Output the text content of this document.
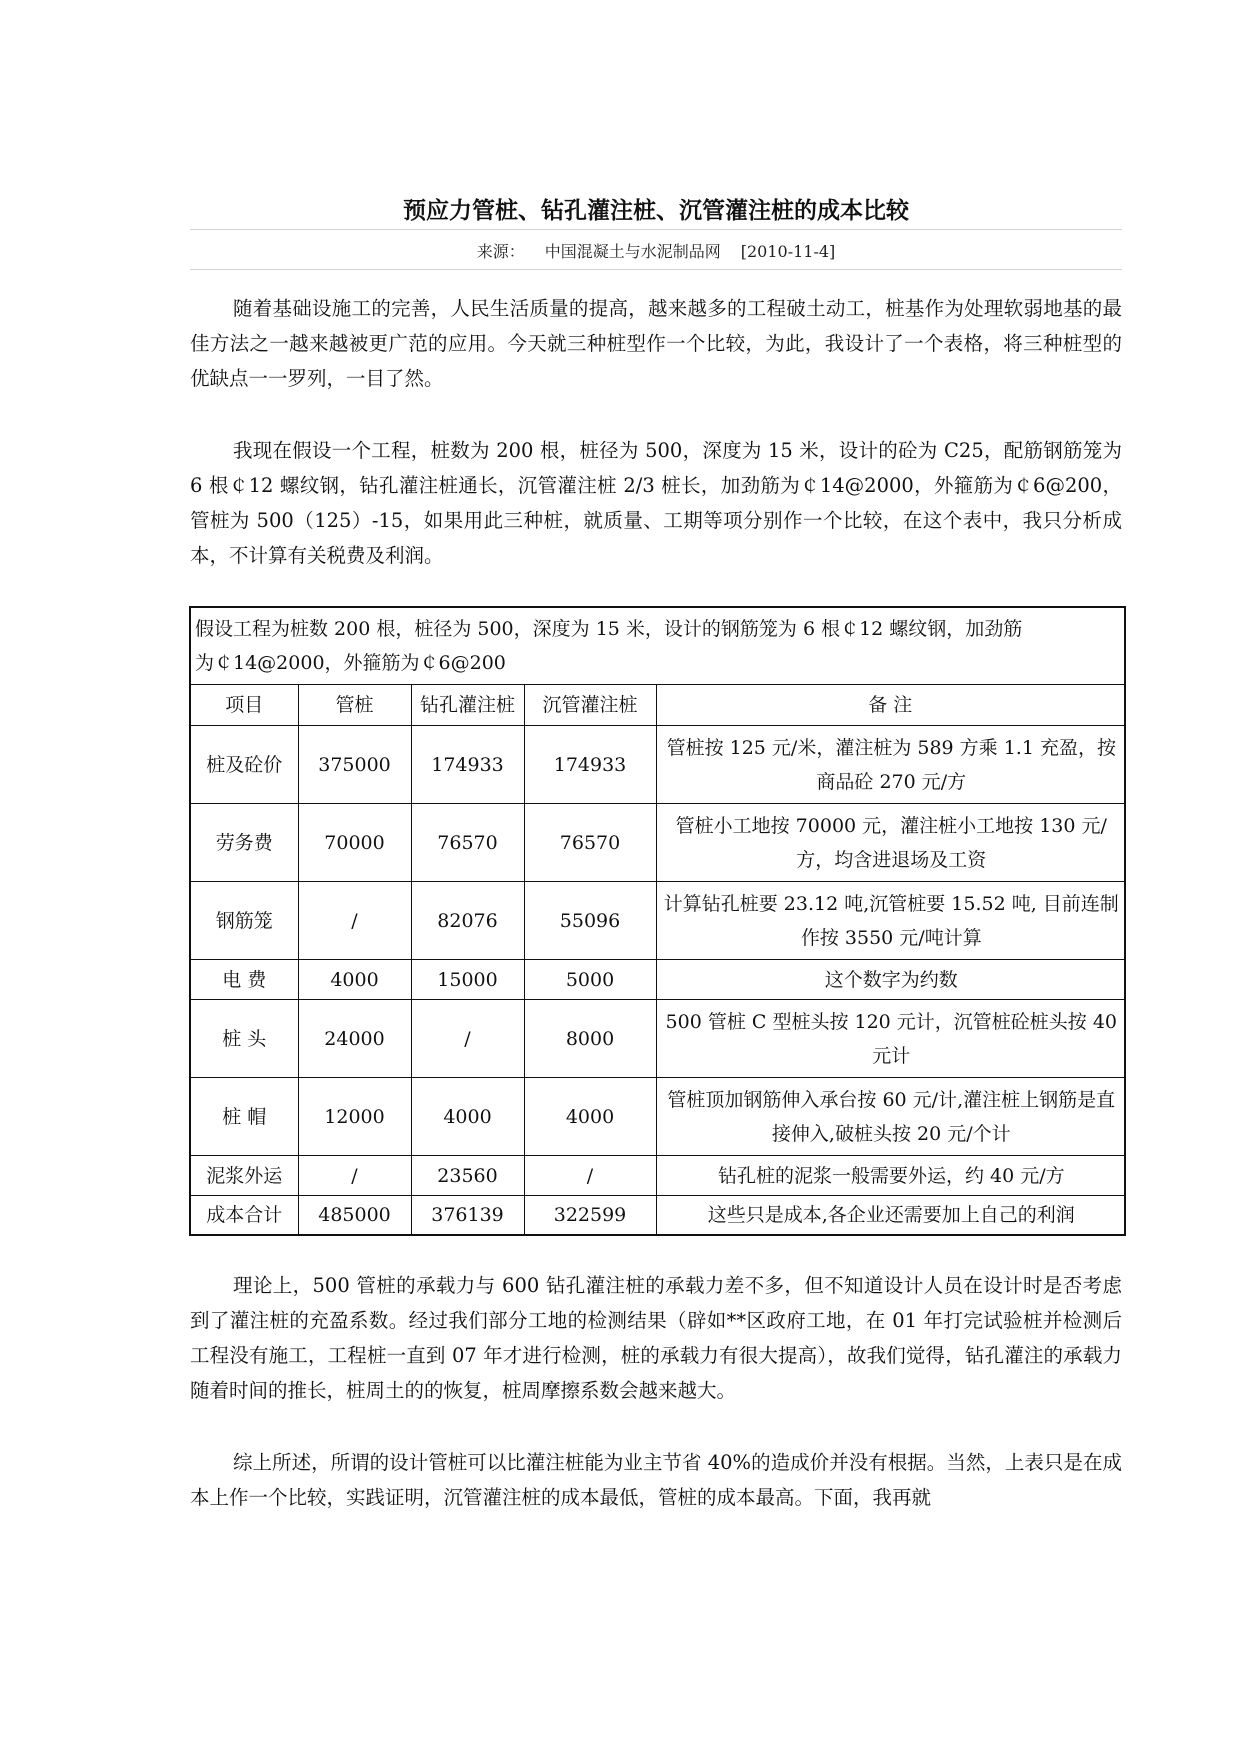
预应力管桩、钻孔灌注桩、沉管灌注桩的成本比较
来源： 中国混凝土与水泥制品网 [2010-11-4]

随着基础设施工的完善，人民生活质量的提高，越来越多的工程破土动工，桩基作为处理软弱地基的最佳方法之一越来越被更广范的应用。今天就三种桩型作一个比较，为此，我设计了一个表格，将三种桩型的优缺点一一罗列，一目了然。

我现在假设一个工程，桩数为 200 根，桩径为 500，深度为 15 米，设计的砼为 C25，配筋钢筋笼为 6 根￠12 螺纹钢，钻孔灌注桩通长，沉管灌注桩 2/3 桩长，加劲筋为￠14@2000，外箍筋为￠6@200，管桩为 500（125）-15，如果用此三种桩，就质量、工期等项分别作一个比较，在这个表中，我只分析成本，不计算有关税费及利润。

假设工程为桩数 200 根，桩径为 500，深度为 15 米，设计的钢筋笼为 6 根￠12 螺纹钢，加劲筋为￠14@2000，外箍筋为￠6@200				
项目	管桩	钻孔灌注桩	沉管灌注桩	备 注
桩及砼价	375000	174933	174933	管桩按 125 元/米，灌注桩为 589 方乘 1.1 充盈，按商品砼 270 元/方
劳务费	70000	76570	76570	管桩小工地按 70000 元，灌注桩小工地按 130 元/方，均含进退场及工资
钢筋笼	/	82076	55096	计算钻孔桩要 23.12 吨,沉管桩要 15.52 吨, 目前连制作按 3550 元/吨计算
电 费	4000	15000	5000	这个数字为约数
桩 头	24000	/	8000	500 管桩 C 型桩头按 120 元计，沉管桩砼桩头按 40 元计
桩 帽	12000	4000	4000	管桩顶加钢筋伸入承台按 60 元/计,灌注桩上钢筋是直接伸入,破桩头按 20 元/个计
泥浆外运	/	23560	/	钻孔桩的泥浆一般需要外运，约 40 元/方
成本合计	485000	376139	322599	这些只是成本,各企业还需要加上自己的利润

理论上，500 管桩的承载力与 600 钻孔灌注桩的承载力差不多，但不知道设计人员在设计时是否考虑到了灌注桩的充盈系数。经过我们部分工地的检测结果（辟如**区政府工地，在 01 年打完试验桩并检测后工程没有施工，工程桩一直到 07 年才进行检测，桩的承载力有很大提高），故我们觉得，钻孔灌注的承载力随着时间的推长，桩周土的的恢复，桩周摩擦系数会越来越大。

综上所述，所谓的设计管桩可以比灌注桩能为业主节省 40%的造成价并没有根据。当然，上表只是在成本上作一个比较，实践证明，沉管灌注桩的成本最低，管桩的成本最高。下面，我再就
